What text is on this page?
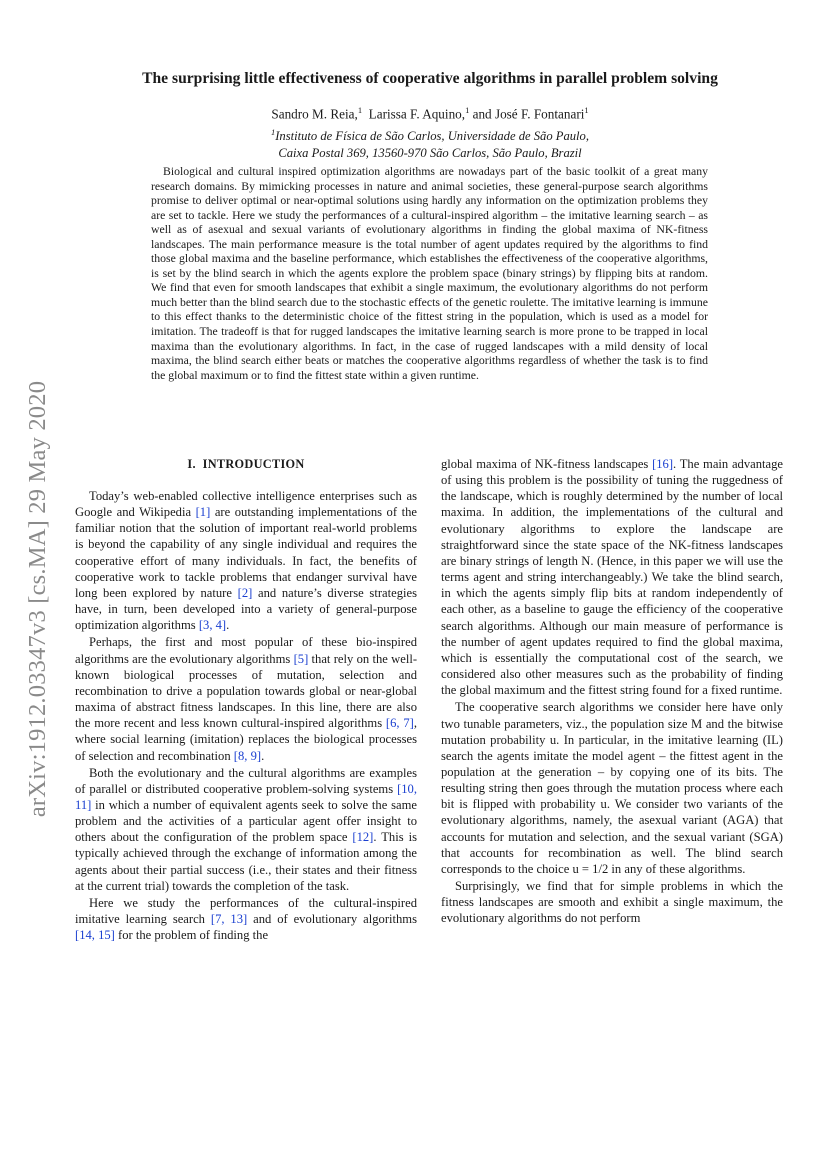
arXiv:1912.03347v3 [cs.MA] 29 May 2020
The surprising little effectiveness of cooperative algorithms in parallel problem solving
Sandro M. Reia,$^1$ Larissa F. Aquino,$^1$ and José F. Fontanari$^1$
$^1$Instituto de Física de São Carlos, Universidade de São Paulo,
Caixa Postal 369, 13560-970 São Carlos, São Paulo, Brazil

Biological and cultural inspired optimization algorithms are nowadays part of the basic toolkit of a great many research domains. By mimicking processes in nature and animal societies, these general-purpose search algorithms promise to deliver optimal or near-optimal solutions using hardly any information on the optimization problems they are set to tackle. Here we study the performances of a cultural-inspired algorithm – the imitative learning search – as well as of asexual and sexual variants of evolutionary algorithms in finding the global maxima of NK-fitness landscapes. The main performance measure is the total number of agent updates required by the algorithms to find those global maxima and the baseline performance, which establishes the effectiveness of the cooperative algorithms, is set by the blind search in which the agents explore the problem space (binary strings) by flipping bits at random. We find that even for smooth landscapes that exhibit a single maximum, the evolutionary algorithms do not perform much better than the blind search due to the stochastic effects of the genetic roulette. The imitative learning is immune to this effect thanks to the deterministic choice of the fittest string in the population, which is used as a model for imitation. The tradeoff is that for rugged landscapes the imitative learning search is more prone to be trapped in local maxima than the evolutionary algorithms. In fact, in the case of rugged landscapes with a mild density of local maxima, the blind search either beats or matches the cooperative algorithms regardless of whether the task is to find the global maximum or to find the fittest state within a given runtime.

I. INTRODUCTION

Today’s web-enabled collective intelligence enterprises such as Google and Wikipedia [1] are outstanding implementations of the familiar notion that the solution of important real-world problems is beyond the capability of any single individual and requires the cooperative effort of many individuals. In fact, the benefits of cooperative work to tackle problems that endanger survival have long been explored by nature [2] and nature’s diverse strategies have, in turn, been developed into a variety of general-purpose optimization algorithms [3, 4].

Perhaps, the first and most popular of these bio-inspired algorithms are the evolutionary algorithms [5] that rely on the well-known biological processes of mutation, selection and recombination to drive a population towards global or near-global maxima of abstract fitness landscapes. In this line, there are also the more recent and less known cultural-inspired algorithms [6, 7], where social learning (imitation) replaces the biological processes of selection and recombination [8, 9].

Both the evolutionary and the cultural algorithms are examples of parallel or distributed cooperative problem-solving systems [10, 11] in which a number of equivalent agents seek to solve the same problem and the activities of a particular agent offer insight to others about the configuration of the problem space [12]. This is typically achieved through the exchange of information among the agents about their partial success (i.e., their states and their fitness at the current trial) towards the completion of the task.

Here we study the performances of the cultural-inspired imitative learning search [7, 13] and of evolutionary algorithms [14, 15] for the problem of finding the

global maxima of NK-fitness landscapes [16]. The main advantage of using this problem is the possibility of tuning the ruggedness of the landscape, which is roughly determined by the number of local maxima. In addition, the implementations of the cultural and evolutionary algorithms to explore the landscape are straightforward since the state space of the NK-fitness landscapes are binary strings of length N. (Hence, in this paper we will use the terms agent and string interchangeably.) We take the blind search, in which the agents simply flip bits at random independently of each other, as a baseline to gauge the efficiency of the cooperative search algorithms. Although our main measure of performance is the number of agent updates required to find the global maxima, which is essentially the computational cost of the search, we considered also other measures such as the probability of finding the global maximum and the fittest string found for a fixed runtime.

The cooperative search algorithms we consider here have only two tunable parameters, viz., the population size M and the bitwise mutation probability u. In particular, in the imitative learning (IL) search the agents imitate the model agent – the fittest agent in the population at the generation – by copying one of its bits. The resulting string then goes through the mutation process where each bit is flipped with probability u. We consider two variants of the evolutionary algorithms, namely, the asexual variant (AGA) that accounts for mutation and selection, and the sexual variant (SGA) that accounts for recombination as well. The blind search corresponds to the choice u = 1/2 in any of these algorithms.

Surprisingly, we find that for simple problems in which the fitness landscapes are smooth and exhibit a single maximum, the evolutionary algorithms do not perform
